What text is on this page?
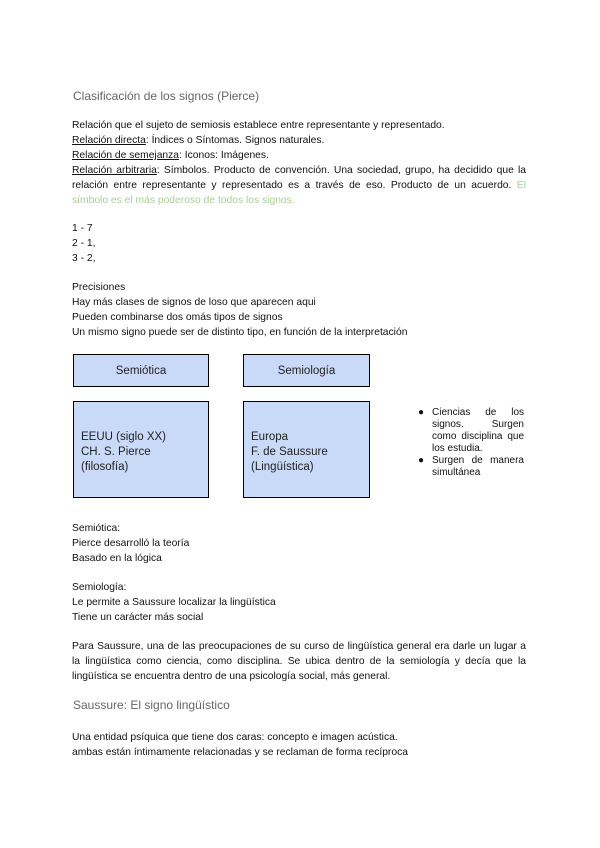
Clasificación de los signos (Pierce)
Relación que el sujeto de semiosis establece entre representante y representado.
Relación directa: Índices o Síntomas. Signos naturales.
Relación de semejanza: Iconos: Imágenes.
Relación arbitraria: Símbolos. Producto de convención. Una sociedad, grupo, ha decidido que la relación entre representante y representado es a través de eso. Producto de un acuerdo. El símbolo es el más poderoso de todos los signos.
1 - 7
2 - 1,
3 - 2,
Precisiones
Hay más clases de signos de loso que aparecen aqui
Pueden combinarse dos omás tipos de signos
Un mismo signo puede ser de distinto tipo, en función de la interpretación
Semiótica	Semiología
EEUU (siglo XX)
CH. S. Pierce
(filosofía)
Europa
F. de Saussure
(Lingüística)
● Ciencias de los signos. Surgen como disciplina que los estudia.
● Surgen de manera simultánea
Semiótica:
Pierce desarrolló la teoría
Basado en la lógica
Semiología:
Le permite a Saussure localizar la lingüística
Tiene un carácter más social
Para Saussure, una de las preocupaciones de su curso de lingüística general era darle un lugar a la lingüística como ciencia, como disciplina. Se ubica dentro de la semiología y decía que la lingüística se encuentra dentro de una psicología social, más general.
Saussure: El signo lingüístico
Una entidad psíquica que tiene dos caras: concepto e imagen acústica.
ambas están íntimamente relacionadas y se reclaman de forma recíproca
